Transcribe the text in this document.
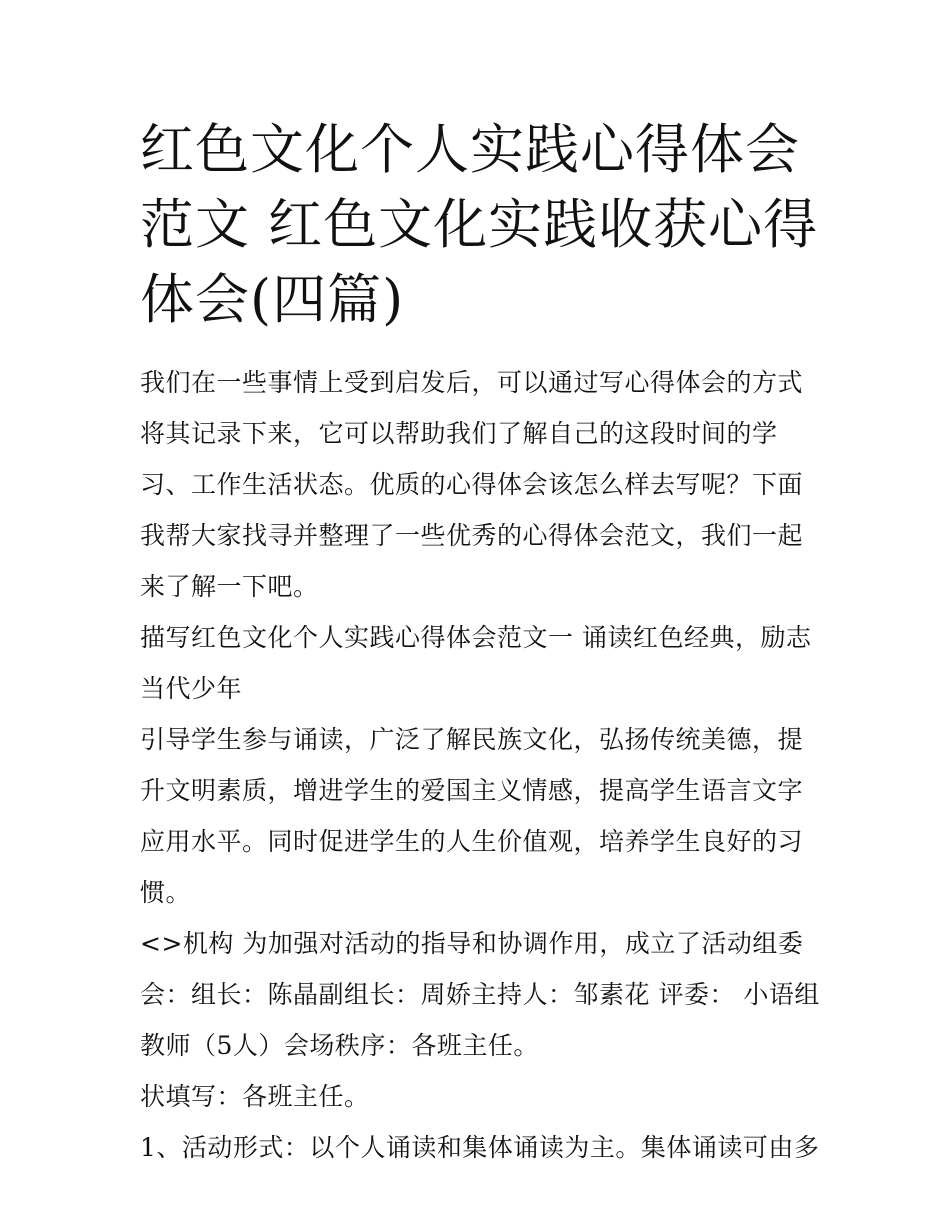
红色文化个人实践心得体会范文 红色文化实践收获心得体会(四篇)

我们在一些事情上受到启发后，可以通过写心得体会的方式将其记录下来，它可以帮助我们了解自己的这段时间的学习、工作生活状态。优质的心得体会该怎么样去写呢？下面我帮大家找寻并整理了一些优秀的心得体会范文，我们一起来了解一下吧。

描写红色文化个人实践心得体会范文一 诵读红色经典，励志当代少年

引导学生参与诵读，广泛了解民族文化，弘扬传统美德，提升文明素质，增进学生的爱国主义情感，提高学生语言文字应用水平。同时促进学生的人生价值观，培养学生良好的习惯。

<>机构 为加强对活动的指导和协调作用，成立了活动组委会：组长：陈晶副组长：周娇主持人：邹素花 评委： 小语组教师（5人）会场秩序：各班主任。

状填写：各班主任。

1、活动形式：以个人诵读和集体诵读为主。集体诵读可由多
